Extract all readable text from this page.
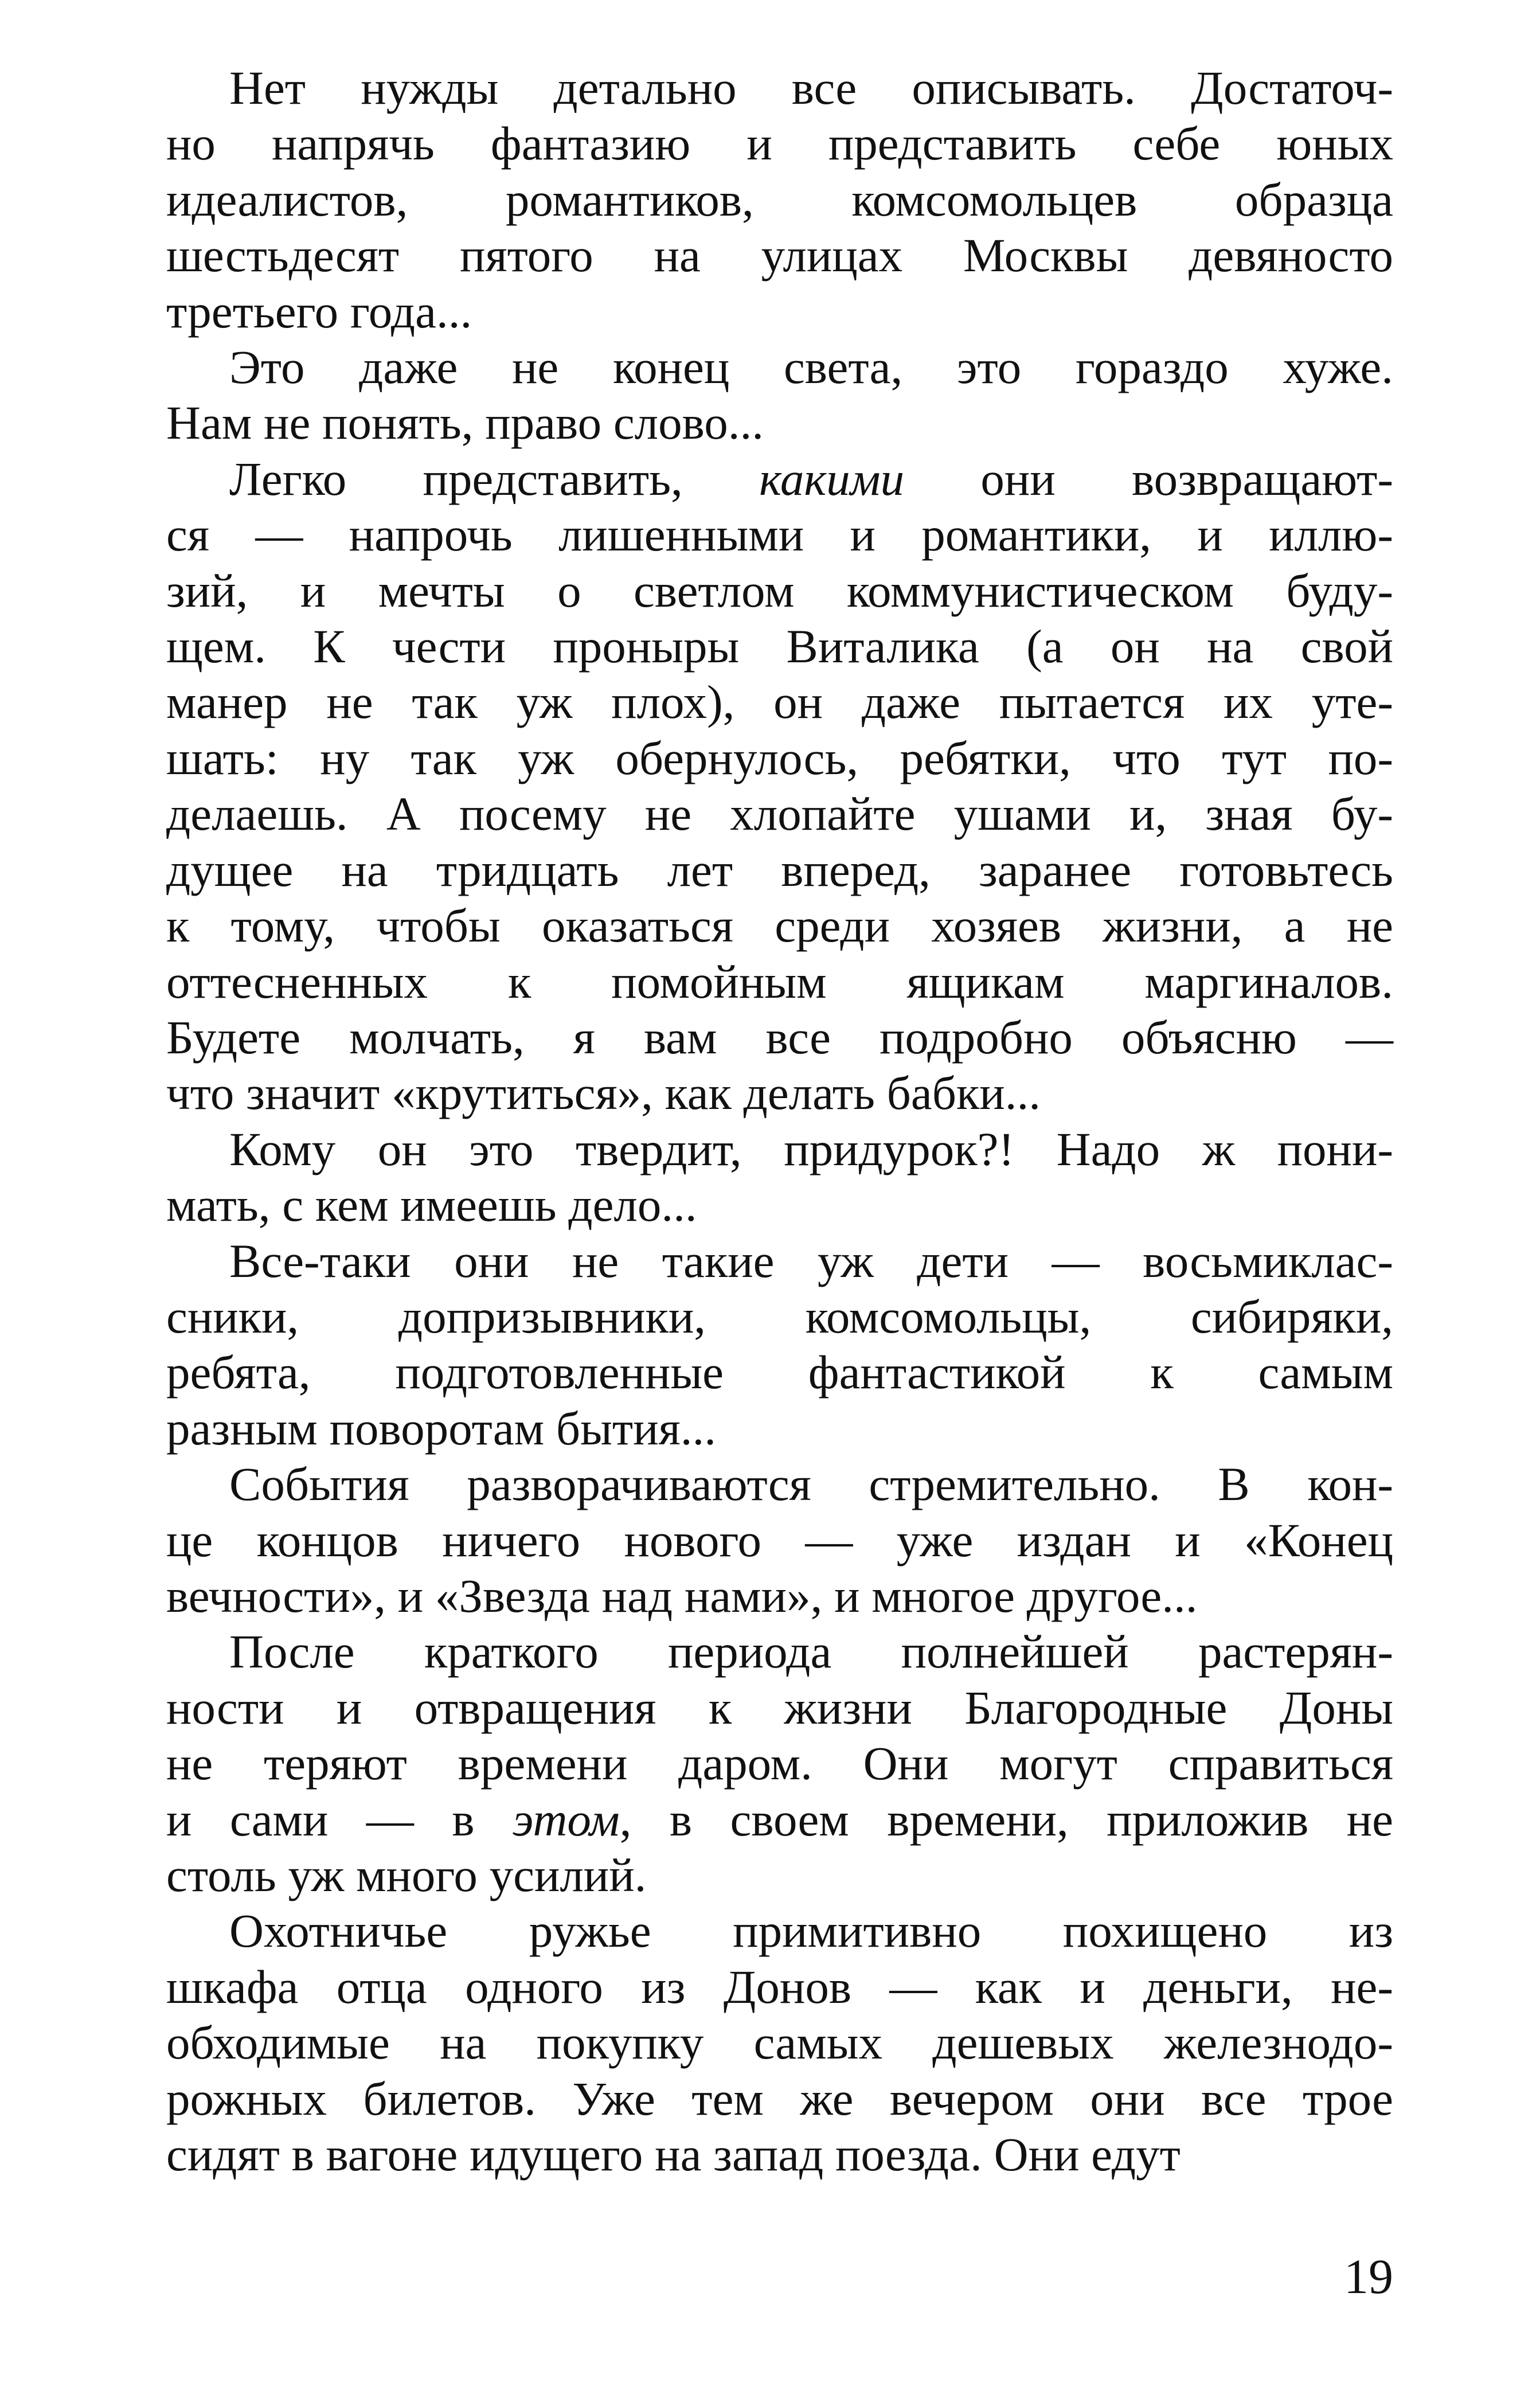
Нет нужды детально все описывать. Достаточ-
но напрячь фантазию и представить себе юных
идеалистов, романтиков, комсомольцев образца
шестьдесят пятого на улицах Москвы девяносто
третьего года...
Это даже не конец света, это гораздо хуже.
Нам не понять, право слово...
Легко представить, какими они возвращают-
ся — напрочь лишенными и романтики, и иллю-
зий, и мечты о светлом коммунистическом буду-
щем. К чести проныры Виталика (а он на свой
манер не так уж плох), он даже пытается их уте-
шать: ну так уж обернулось, ребятки, что тут по-
делаешь. А посему не хлопайте ушами и, зная бу-
дущее на тридцать лет вперед, заранее готовьтесь
к тому, чтобы оказаться среди хозяев жизни, а не
оттесненных к помойным ящикам маргиналов.
Будете молчать, я вам все подробно объясню —
что значит «крутиться», как делать бабки...
Кому он это твердит, придурок?! Надо ж пони-
мать, с кем имеешь дело...
Все-таки они не такие уж дети — восьмиклас-
сники, допризывники, комсомольцы, сибиряки,
ребята, подготовленные фантастикой к самым
разным поворотам бытия...
События разворачиваются стремительно. В кон-
це концов ничего нового — уже издан и «Конец
вечности», и «Звезда над нами», и многое другое...
После краткого периода полнейшей растерян-
ности и отвращения к жизни Благородные Доны
не теряют времени даром. Они могут справиться
и сами — в этом, в своем времени, приложив не
столь уж много усилий.
Охотничье ружье примитивно похищено из
шкафа отца одного из Донов — как и деньги, не-
обходимые на покупку самых дешевых железнодо-
рожных билетов. Уже тем же вечером они все трое
сидят в вагоне идущего на запад поезда. Они едут
19
